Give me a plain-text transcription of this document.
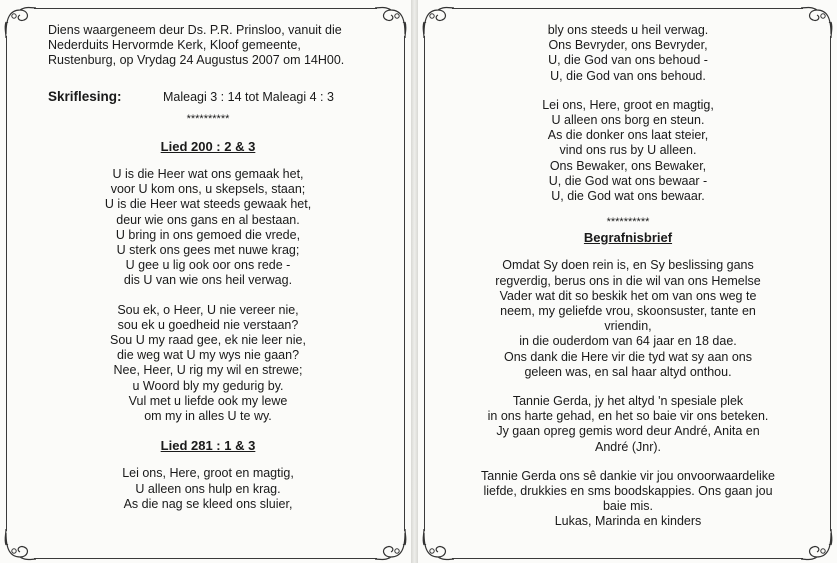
Diens waargeneem deur Ds. P.R. Prinsloo, vanuit die Nederduits Hervormde Kerk, Kloof gemeente, Rustenburg, op Vrydag 24 Augustus 2007 om 14H00.
Skriflesing:	Maleagi 3 : 14 tot Maleagi 4 : 3
**********
Lied 200 : 2 & 3
U is die Heer wat ons gemaak het,
voor U kom ons, u skepsels, staan;
U is die Heer wat steeds gewaak het,
deur wie ons gans en al bestaan.
U bring in ons gemoed die vrede,
U sterk ons gees met nuwe krag;
U gee u lig ook oor ons rede -
dis U van wie ons heil verwag.
Sou ek, o Heer, U nie vereer nie,
sou ek u goedheid nie verstaan?
Sou U my raad gee, ek nie leer nie,
die weg wat U my wys nie gaan?
Nee, Heer, U rig my wil en strewe;
u Woord bly my gedurig by.
Vul met u liefde ook my lewe
om my in alles U te wy.
Lied 281 : 1 & 3
Lei ons, Here, groot en magtig,
U alleen ons hulp en krag.
As die nag se kleed ons sluier,
bly ons steeds u heil verwag.
Ons Bevryder, ons Bevryder,
U, die God van ons behoud -
U, die God van ons behoud.
Lei ons, Here, groot en magtig,
U alleen ons borg en steun.
As die donker ons laat steier,
vind ons rus by U alleen.
Ons Bewaker, ons Bewaker,
U, die God wat ons bewaar -
U, die God wat ons bewaar.
**********
Begrafnisbrief

Omdat Sy doen rein is, en Sy beslissing gans
regverdig, berus ons in die wil van ons Hemelse
Vader wat dit so beskik het om van ons weg te
neem, my geliefde vrou, skoonsuster, tante en
vriendin,
in die ouderdom van 64 jaar en 18 dae.
Ons dank die Here vir die tyd wat sy aan ons
geleen was, en sal haar altyd onthou.

Tannie Gerda, jy het altyd 'n spesiale plek
in ons harte gehad, en het so baie vir ons beteken.
Jy gaan opreg gemis word deur André, Anita en
André (Jnr).

Tannie Gerda ons sê dankie vir jou onvoorwaardelike
liefde, drukkies en sms boodskappies. Ons gaan jou
baie mis.
Lukas, Marinda en kinders
